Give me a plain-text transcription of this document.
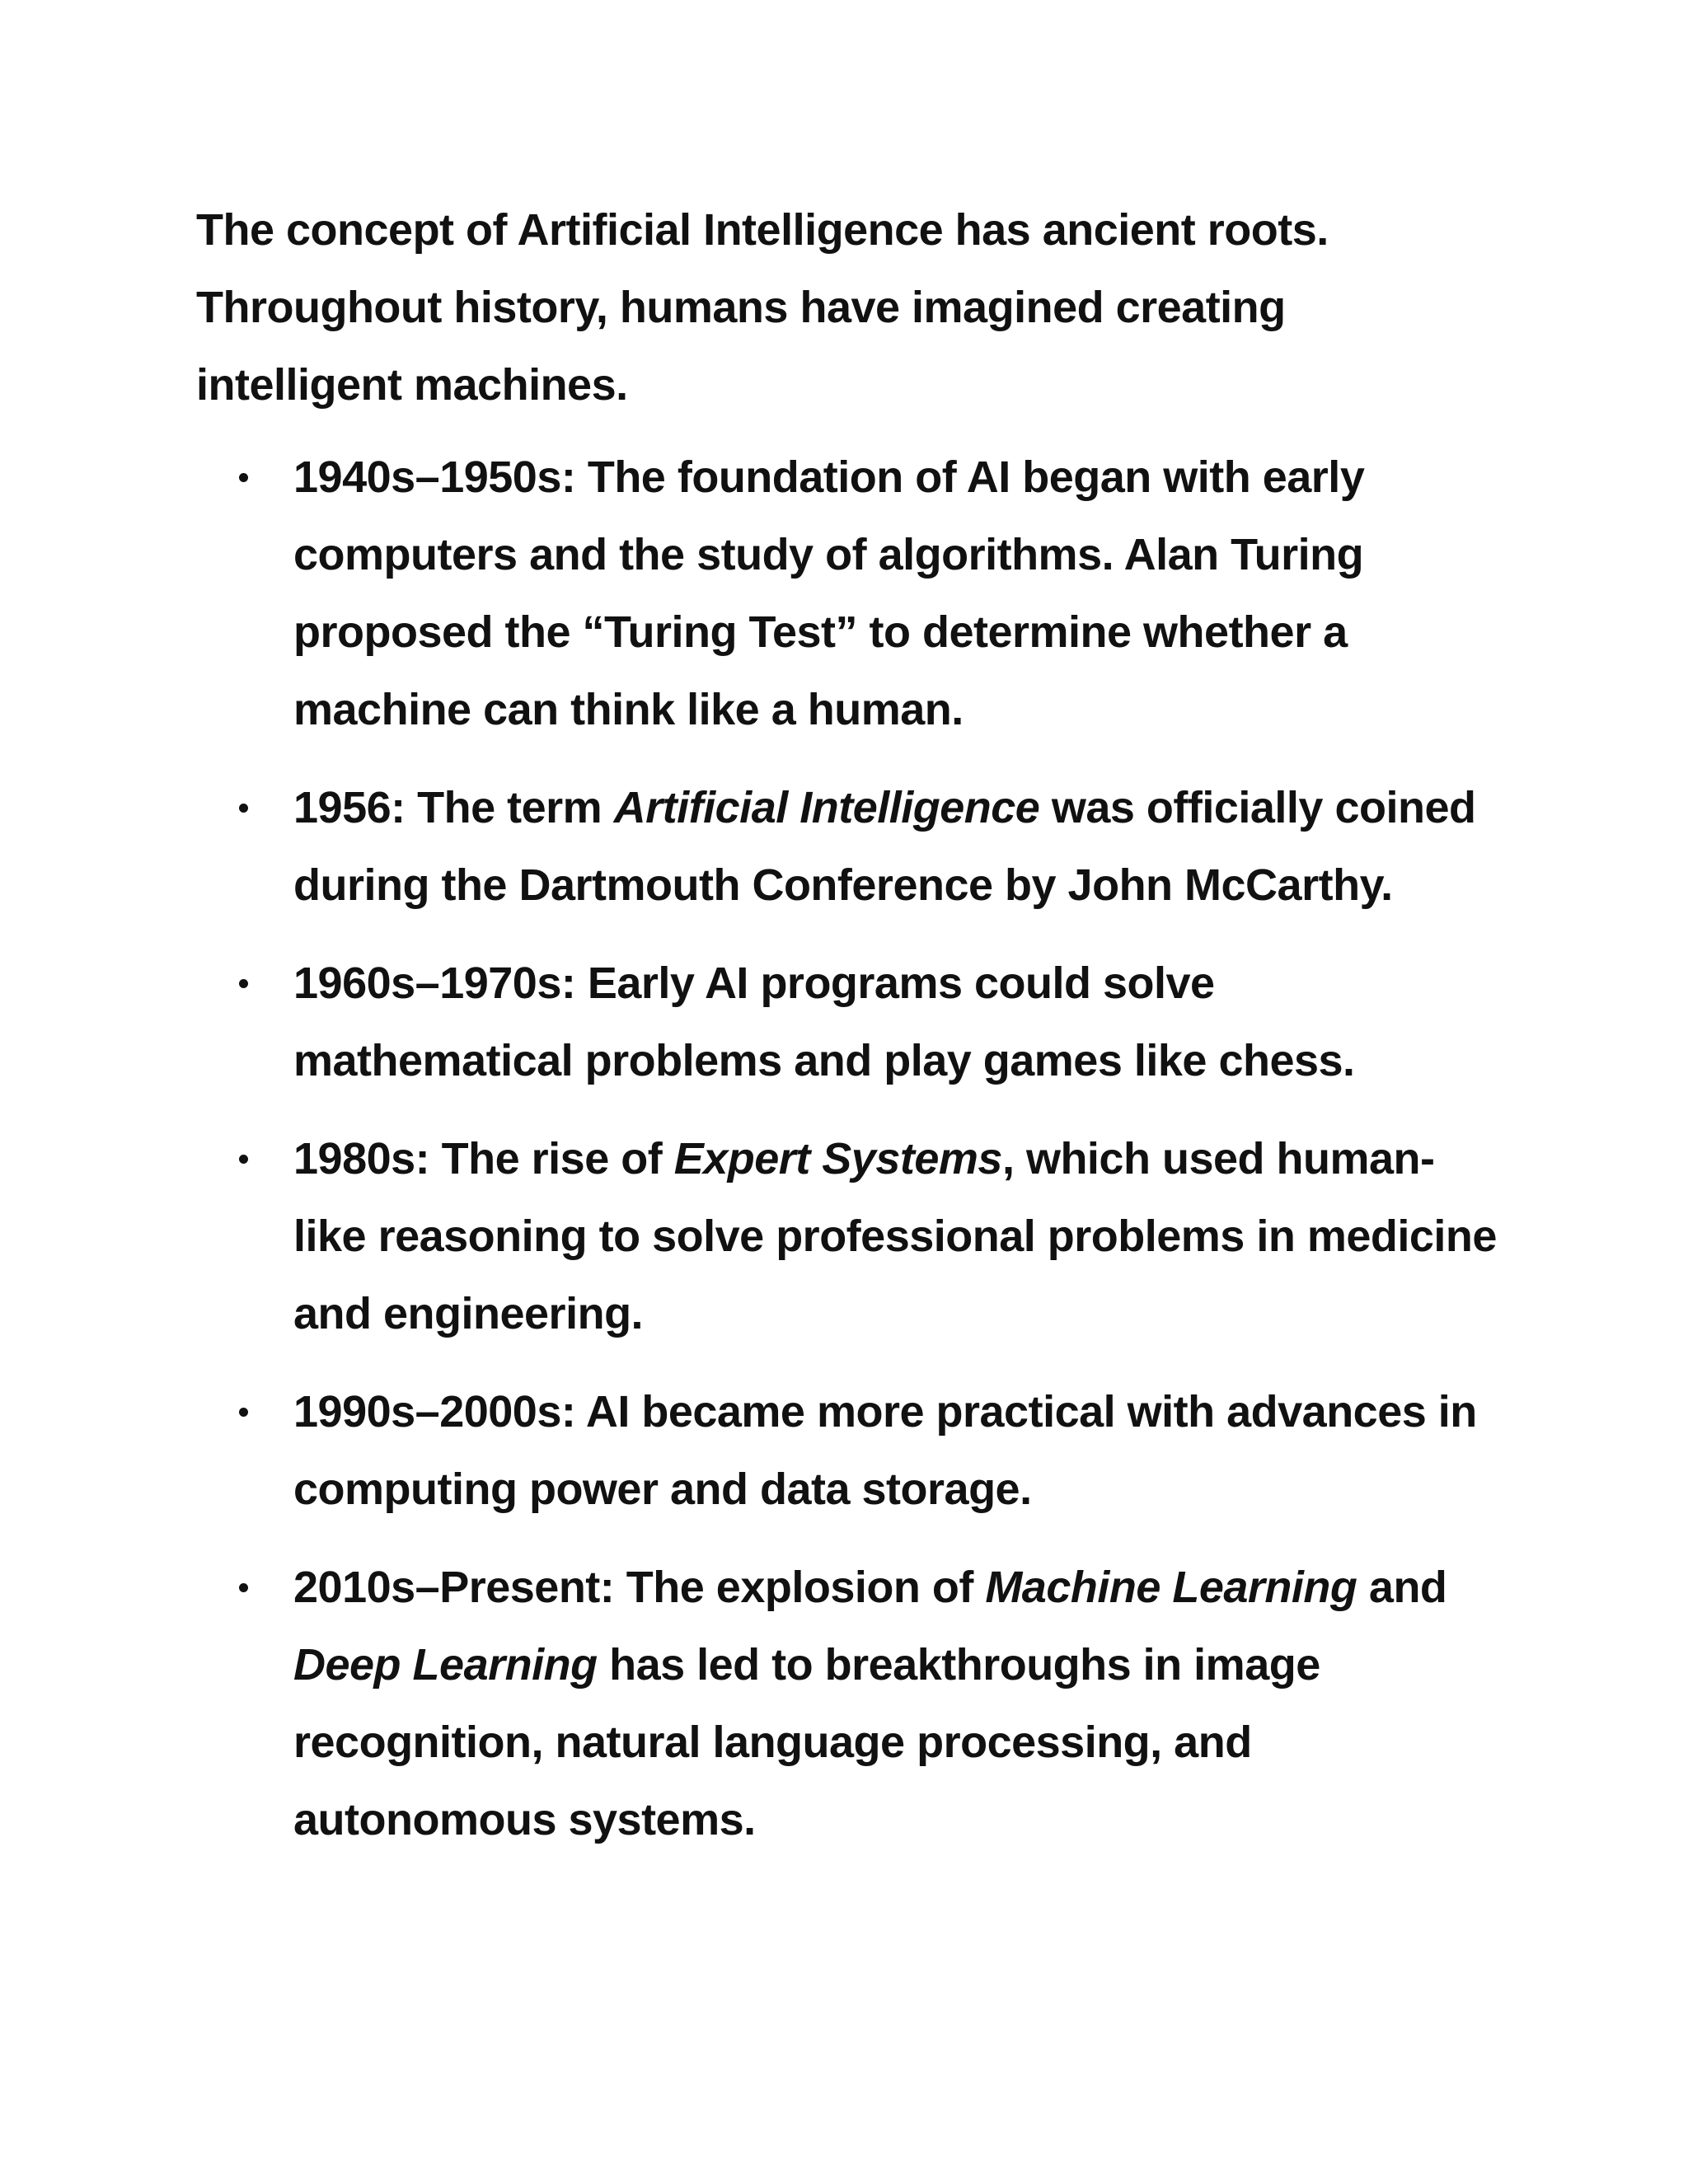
The concept of Artificial Intelligence has ancient roots. Throughout history, humans have imagined creating intelligent machines.

1940s–1950s: The foundation of AI began with early computers and the study of algorithms. Alan Turing proposed the “Turing Test” to determine whether a machine can think like a human.
1956: The term Artificial Intelligence was officially coined during the Dartmouth Conference by John McCarthy.
1960s–1970s: Early AI programs could solve mathematical problems and play games like chess.
1980s: The rise of Expert Systems, which used human-like reasoning to solve professional problems in medicine and engineering.
1990s–2000s: AI became more practical with advances in computing power and data storage.
2010s–Present: The explosion of Machine Learning and Deep Learning has led to breakthroughs in image recognition, natural language processing, and autonomous systems.
